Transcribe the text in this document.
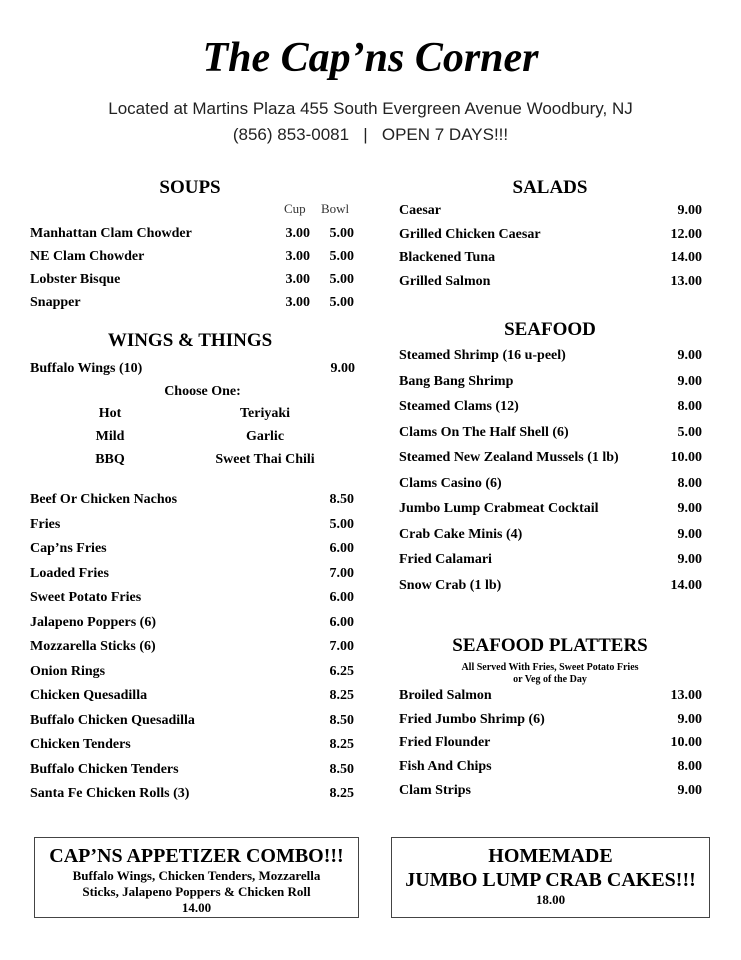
The Cap’ns Corner
Located at Martins Plaza 455 South Evergreen Avenue Woodbury, NJ
(856) 853-0081   |   OPEN 7 DAYS!!!
SOUPS
Cup Bowl
Manhattan Clam Chowder	3.00 5.00
NE Clam Chowder	3.00 5.00
Lobster Bisque	3.00 5.00
Snapper	3.00 5.00
WINGS & THINGS
Buffalo Wings (10)	9.00
Choose One:
Hot	Teriyaki
Mild	Garlic
BBQ	Sweet Thai Chili
Beef Or Chicken Nachos	8.50
Fries	5.00
Cap’ns Fries	6.00
Loaded Fries	7.00
Sweet Potato Fries	6.00
Jalapeno Poppers (6)	6.00
Mozzarella Sticks (6)	7.00
Onion Rings	6.25
Chicken Quesadilla	8.25
Buffalo Chicken Quesadilla	8.50
Chicken Tenders	8.25
Buffalo Chicken Tenders	8.50
Santa Fe Chicken Rolls (3)	8.25
SALADS
Caesar	9.00
Grilled Chicken Caesar	12.00
Blackened Tuna	14.00
Grilled Salmon	13.00
SEAFOOD
Steamed Shrimp (16 u-peel)	9.00
Bang Bang Shrimp	9.00
Steamed Clams (12)	8.00
Clams On The Half Shell (6)	5.00
Steamed New Zealand Mussels (1 lb)	10.00
Clams Casino (6)	8.00
Jumbo Lump Crabmeat Cocktail	9.00
Crab Cake Minis (4)	9.00
Fried Calamari	9.00
Snow Crab (1 lb)	14.00
SEAFOOD PLATTERS
All Served With Fries, Sweet Potato Fries
or Veg of the Day
Broiled Salmon	13.00
Fried Jumbo Shrimp (6)	9.00
Fried Flounder	10.00
Fish And Chips	8.00
Clam Strips	9.00
CAP’NS APPETIZER COMBO!!!
Buffalo Wings, Chicken Tenders, Mozzarella
Sticks, Jalapeno Poppers & Chicken Roll
14.00
HOMEMADE
JUMBO LUMP CRAB CAKES!!!
18.00
